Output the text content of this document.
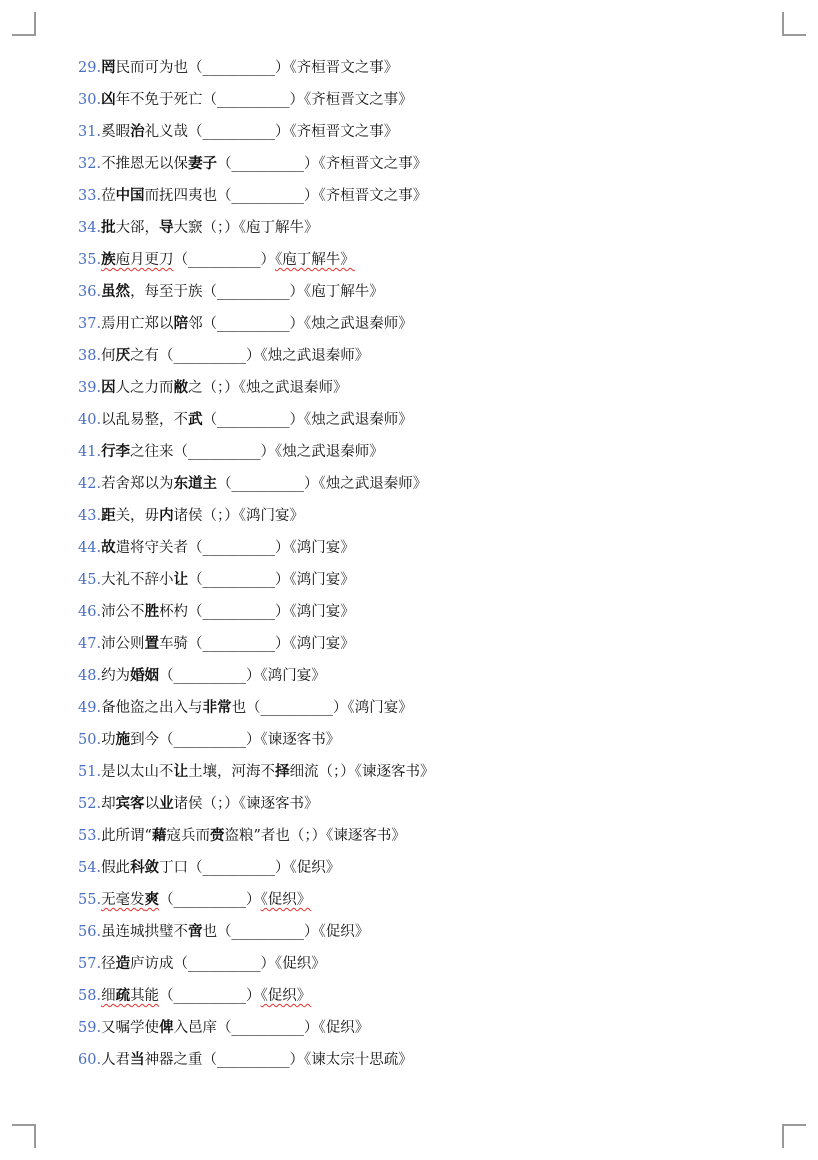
29.罔民而可为也（__________）《齐桓晋文之事》
30.凶年不免于死亡（__________）《齐桓晋文之事》
31.奚暇治礼义哉（__________）《齐桓晋文之事》
32.不推恩无以保妻子（__________）《齐桓晋文之事》
33.莅中国而抚四夷也（__________）《齐桓晋文之事》
34.批大郤，导大窾（；）《庖丁解牛》
35.族庖月更刀（__________）《庖丁解牛》
36.虽然，每至于族（__________）《庖丁解牛》
37.焉用亡郑以陪邻（__________）《烛之武退秦师》
38.何厌之有（__________）《烛之武退秦师》
39.因人之力而敝之（；）《烛之武退秦师》
40.以乱易整，不武（__________）《烛之武退秦师》
41.行李之往来（__________）《烛之武退秦师》
42.若舍郑以为东道主（__________）《烛之武退秦师》
43.距关，毋内诸侯（；）《鸿门宴》
44.故遣将守关者（__________）《鸿门宴》
45.大礼不辞小让（__________）《鸿门宴》
46.沛公不胜杯杓（__________）《鸿门宴》
47.沛公则置车骑（__________）《鸿门宴》
48.约为婚姻（__________）《鸿门宴》
49.备他盗之出入与非常也（__________）《鸿门宴》
50.功施到今（__________）《谏逐客书》
51.是以太山不让土壤，河海不择细流（；）《谏逐客书》
52.却宾客以业诸侯（；）《谏逐客书》
53.此所谓“藉寇兵而赍盗粮”者也（；）《谏逐客书》
54.假此科敛丁口（__________）《促织》
55.无毫发爽（__________）《促织》
56.虽连城拱璧不啻也（__________）《促织》
57.径造庐访成（__________）《促织》
58.细疏其能（__________）《促织》
59.又嘱学使俾入邑庠（__________）《促织》
60.人君当神器之重（__________）《谏太宗十思疏》
